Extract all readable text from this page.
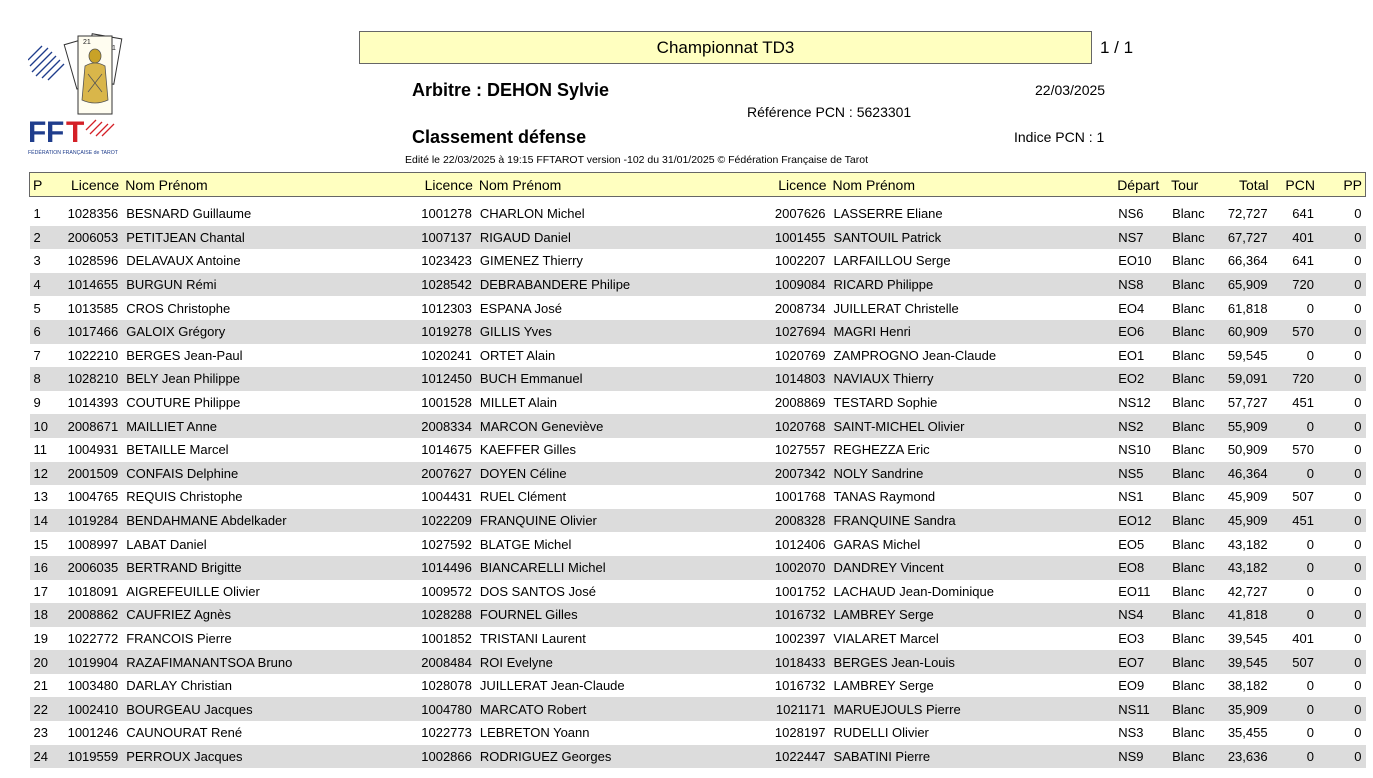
21
1
F F T
FÉDÉRATION FRANÇAISE de TAROT
Championnat TD3	1 / 1
Arbitre : DEHON Sylvie	22/03/2025
Référence PCN : 5623301
Classement défense	Indice PCN : 1
Edité le 22/03/2025 à 19:15 FFTAROT version -102 du 31/01/2025 © Fédération Française de Tarot
P	Licence	Nom Prénom	Licence	Nom Prénom	Licence	Nom Prénom	Départ	Tour	Total	PCN	PP

1	1028356	BESNARD Guillaume	1001278	CHARLON Michel	2007626	LASSERRE Eliane	NS6	Blanc	72,727	641	0
2	2006053	PETITJEAN Chantal	1007137	RIGAUD Daniel	1001455	SANTOUIL Patrick	NS7	Blanc	67,727	401	0
3	1028596	DELAVAUX Antoine	1023423	GIMENEZ Thierry	1002207	LARFAILLOU Serge	EO10	Blanc	66,364	641	0
4	1014655	BURGUN Rémi	1028542	DEBRABANDERE Philipe	1009084	RICARD Philippe	NS8	Blanc	65,909	720	0
5	1013585	CROS Christophe	1012303	ESPANA José	2008734	JUILLERAT Christelle	EO4	Blanc	61,818	0	0
6	1017466	GALOIX Grégory	1019278	GILLIS Yves	1027694	MAGRI Henri	EO6	Blanc	60,909	570	0
7	1022210	BERGES Jean-Paul	1020241	ORTET Alain	1020769	ZAMPROGNO Jean-Claude	EO1	Blanc	59,545	0	0
8	1028210	BELY Jean Philippe	1012450	BUCH Emmanuel	1014803	NAVIAUX Thierry	EO2	Blanc	59,091	720	0
9	1014393	COUTURE Philippe	1001528	MILLET Alain	2008869	TESTARD Sophie	NS12	Blanc	57,727	451	0
10	2008671	MAILLIET Anne	2008334	MARCON Geneviève	1020768	SAINT-MICHEL Olivier	NS2	Blanc	55,909	0	0
11	1004931	BETAILLE Marcel	1014675	KAEFFER Gilles	1027557	REGHEZZA Eric	NS10	Blanc	50,909	570	0
12	2001509	CONFAIS Delphine	2007627	DOYEN Céline	2007342	NOLY Sandrine	NS5	Blanc	46,364	0	0
13	1004765	REQUIS Christophe	1004431	RUEL Clément	1001768	TANAS Raymond	NS1	Blanc	45,909	507	0
14	1019284	BENDAHMANE Abdelkader	1022209	FRANQUINE Olivier	2008328	FRANQUINE Sandra	EO12	Blanc	45,909	451	0
15	1008997	LABAT Daniel	1027592	BLATGE Michel	1012406	GARAS Michel	EO5	Blanc	43,182	0	0
16	2006035	BERTRAND Brigitte	1014496	BIANCARELLI Michel	1002070	DANDREY Vincent	EO8	Blanc	43,182	0	0
17	1018091	AIGREFEUILLE Olivier	1009572	DOS SANTOS José	1001752	LACHAUD Jean-Dominique	EO11	Blanc	42,727	0	0
18	2008862	CAUFRIEZ Agnès	1028288	FOURNEL Gilles	1016732	LAMBREY Serge	NS4	Blanc	41,818	0	0
19	1022772	FRANCOIS Pierre	1001852	TRISTANI Laurent	1002397	VIALARET Marcel	EO3	Blanc	39,545	401	0
20	1019904	RAZAFIMANANTSOA Bruno	2008484	ROI Evelyne	1018433	BERGES Jean-Louis	EO7	Blanc	39,545	507	0
21	1003480	DARLAY Christian	1028078	JUILLERAT Jean-Claude	1016732	LAMBREY Serge	EO9	Blanc	38,182	0	0
22	1002410	BOURGEAU Jacques	1004780	MARCATO Robert	1021171	MARUEJOULS Pierre	NS11	Blanc	35,909	0	0
23	1001246	CAUNOURAT René	1022773	LEBRETON Yoann	1028197	RUDELLI Olivier	NS3	Blanc	35,455	0	0
24	1019559	PERROUX Jacques	1002866	RODRIGUEZ Georges	1022447	SABATINI Pierre	NS9	Blanc	23,636	0	0
